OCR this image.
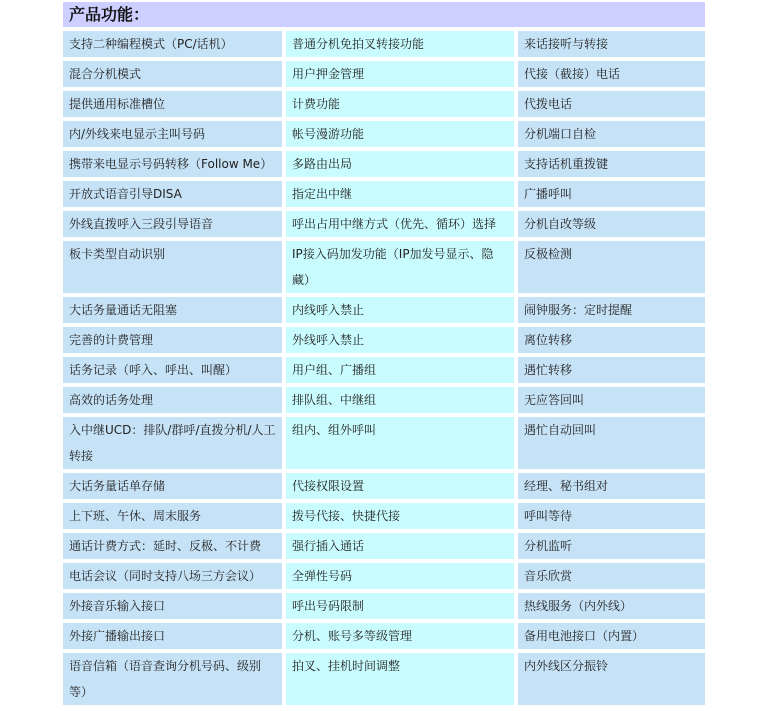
产品功能：
支持二种编程模式（PC/话机）	普通分机免拍叉转接功能	来话接听与转接
混合分机模式	用户押金管理	代接（截接）电话
提供通用标准槽位	计费功能	代拨电话
内/外线来电显示主叫号码	帐号漫游功能	分机端口自检
携带来电显示号码转移（Follow Me）	多路由出局	支持话机重拨键
开放式语音引导DISA	指定出中继	广播呼叫
外线直拨呼入三段引导语音	呼出占用中继方式（优先、循环）选择	分机自改等级
板卡类型自动识别	IP接入码加发功能（IP加发号显示、隐藏）	反极检测
大话务量通话无阻塞	内线呼入禁止	闹钟服务：定时提醒
完善的计费管理	外线呼入禁止	离位转移
话务记录（呼入、呼出、叫醒）	用户组、广播组	遇忙转移
高效的话务处理	排队组、中继组	无应答回叫
入中继UCD：排队/群呼/直拨分机/人工转接	组内、组外呼叫	遇忙自动回叫
大话务量话单存储	代接权限设置	经理、秘书组对
上下班、午休、周末服务	拨号代接、快捷代接	呼叫等待
通话计费方式：延时、反极、不计费	强行插入通话	分机监听
电话会议（同时支持八场三方会议）	全弹性号码	音乐欣赏
外接音乐输入接口	呼出号码限制	热线服务（内外线）
外接广播输出接口	分机、账号多等级管理	备用电池接口（内置）
语音信箱（语音查询分机号码、级别等）	拍叉、挂机时间调整	内外线区分振铃
